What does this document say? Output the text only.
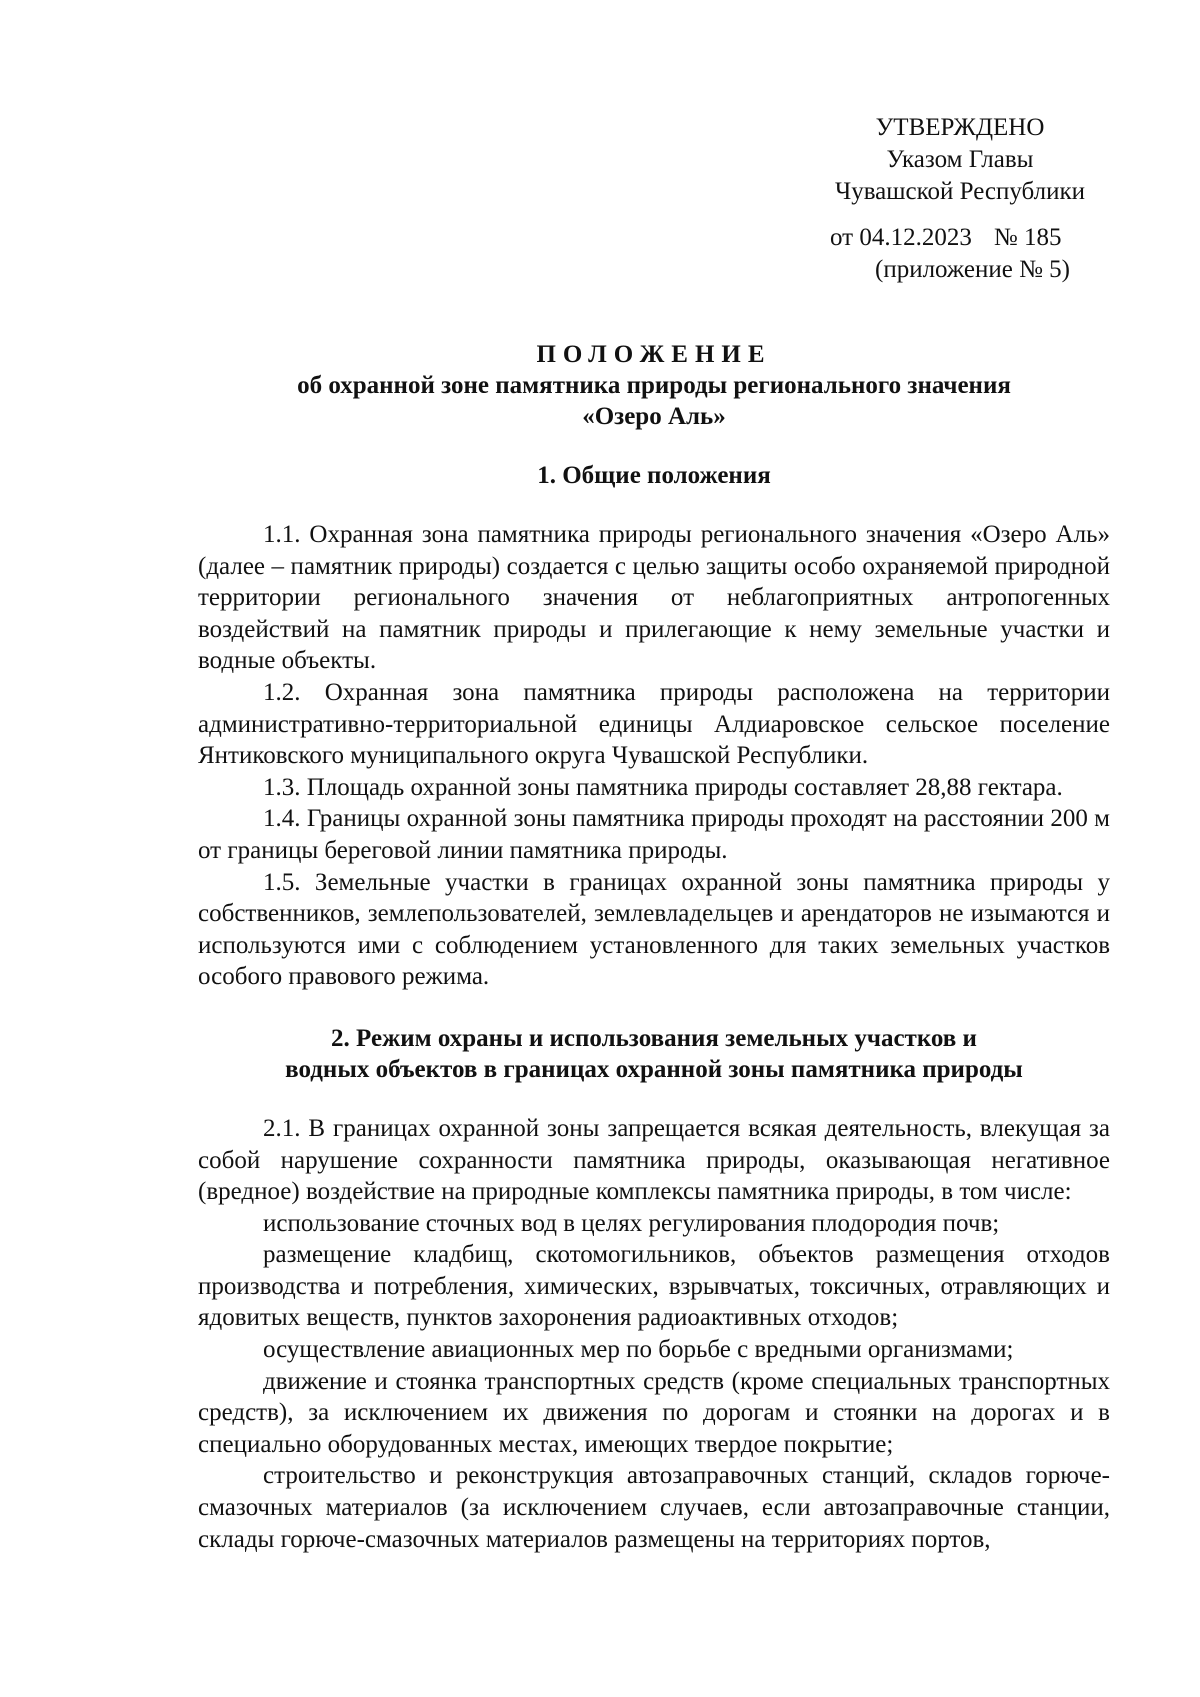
УТВЕРЖДЕНО
Указом Главы
Чувашской Республики
от 04.12.2023 № 185
(приложение № 5)
ПОЛОЖЕНИЕ
об охранной зоне памятника природы регионального значения
«Озеро Аль»
1. Общие положения

1.1. Охранная зона памятника природы регионального значения «Озеро Аль» (далее – памятник природы) создается с целью защиты особо охраняемой природной территории регионального значения от неблагоприятных антропогенных воздействий на памятник природы и прилегающие к нему земельные участки и водные объекты.

1.2. Охранная зона памятника природы расположена на территории административно-территориальной единицы Алдиаровское сельское поселение Янтиковского муниципального округа Чувашской Республики.

1.3. Площадь охранной зоны памятника природы составляет 28,88 гектара.

1.4. Границы охранной зоны памятника природы проходят на расстоянии 200 м от границы береговой линии памятника природы.

1.5. Земельные участки в границах охранной зоны памятника природы у собственников, землепользователей, землевладельцев и арендаторов не изымаются и используются ими с соблюдением установленного для таких земельных участков особого правового режима.

2. Режим охраны и использования земельных участков и
водных объектов в границах охранной зоны памятника природы

2.1. В границах охранной зоны запрещается всякая деятельность, влекущая за собой нарушение сохранности памятника природы, оказывающая негативное (вредное) воздействие на природные комплексы памятника природы, в том числе:

использование сточных вод в целях регулирования плодородия почв;

размещение кладбищ, скотомогильников, объектов размещения отходов производства и потребления, химических, взрывчатых, токсичных, отравляющих и ядовитых веществ, пунктов захоронения радиоактивных отходов;

осуществление авиационных мер по борьбе с вредными организмами;

движение и стоянка транспортных средств (кроме специальных транспортных средств), за исключением их движения по дорогам и стоянки на дорогах и в специально оборудованных местах, имеющих твердое покрытие;

строительство и реконструкция автозаправочных станций, складов горюче-смазочных материалов (за исключением случаев, если автозаправочные станции, склады горюче-смазочных материалов размещены на территориях портов,
